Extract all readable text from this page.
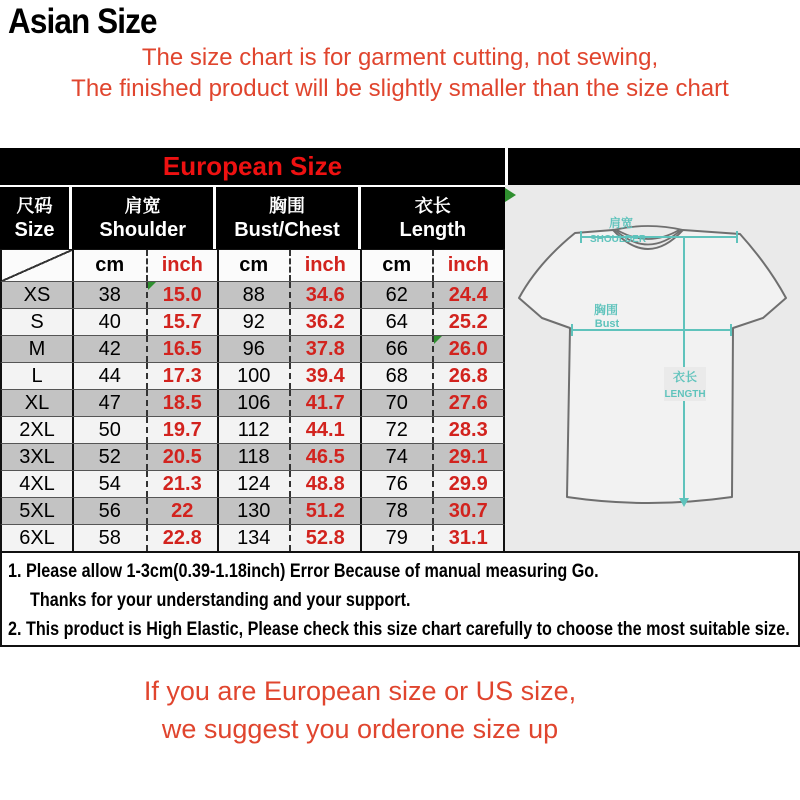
Asian Size
The size chart is for garment cutting, not sewing,
The finished product will be slightly smaller than the size chart
European Size
尺码
Size
肩宽
Shoulder
胸围
Bust/Chest
衣长
Length
cm	inch	cm	inch	cm	inch
XS	38	15.0	88	34.6	62	24.4
S	40	15.7	92	36.2	64	25.2
M	42	16.5	96	37.8	66	26.0
L	44	17.3	100	39.4	68	26.8
XL	47	18.5	106	41.7	70	27.6
2XL	50	19.7	112	44.1	72	28.3
3XL	52	20.5	118	46.5	74	29.1
4XL	54	21.3	124	48.8	76	29.9
5XL	56	22	130	51.2	78	30.7
6XL	58	22.8	134	52.8	79	31.1
肩宽
SHOULDER
胸围
Bust
衣长
LENGTH
1. Please allow 1-3cm(0.39-1.18inch) Error Because of manual measuring Go.
Thanks for your understanding and your support.
2. This product is High Elastic, Please check this size chart carefully to choose the most suitable size.
If you are European size or US size,
we suggest you orderone size up
